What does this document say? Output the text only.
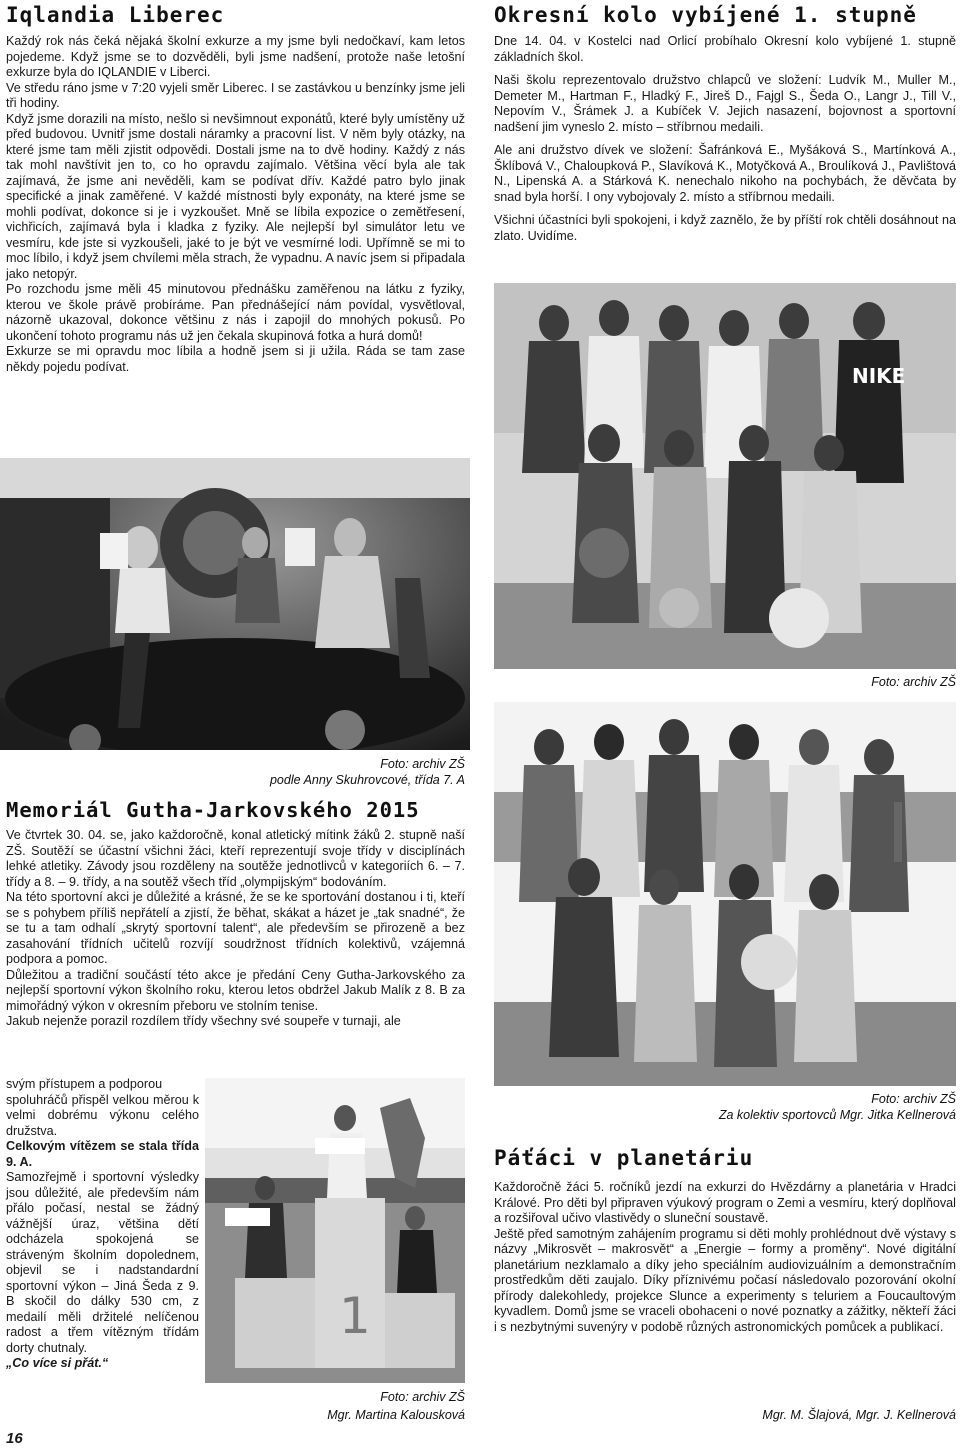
Iqlandia Liberec

Každý rok nás čeká nějaká školní exkurze a my jsme byli nedočkaví, kam letos pojedeme. Když jsme se to dozvěděli, byli jsme nadšení, protože naše letošní exkurze byla do IQLANDIE v Liberci.

Ve středu ráno jsme v 7:20 vyjeli směr Liberec. I se zastávkou u benzínky jsme jeli tři hodiny.

Když jsme dorazili na místo, nešlo si nevšimnout exponátů, které byly umístěny už před budovou. Uvnitř jsme dostali náramky a pracovní list. V něm byly otázky, na které jsme tam měli zjistit odpovědi. Dostali jsme na to dvě hodiny. Každý z nás tak mohl navštívit jen to, co ho opravdu zajímalo. Většina věcí byla ale tak zajímavá, že jsme ani nevěděli, kam se podívat dřív. Každé patro bylo jinak specifické a jinak zaměřené. V každé místnosti byly exponáty, na které jsme se mohli podívat, dokonce si je i vyzkoušet. Mně se líbila expozice o zemětřesení, vichřicích, zajímavá byla i kladka z fyziky. Ale nejlepší byl simulátor letu ve vesmíru, kde jste si vyzkoušeli, jaké to je být ve vesmírné lodi. Upřímně se mi to moc líbilo, i když jsem chvílemi měla strach, že vypadnu. A navíc jsem si připadala jako netopýr.

Po rozchodu jsme měli 45 minutovou přednášku zaměřenou na látku z fyziky, kterou ve škole právě probíráme. Pan přednášející nám povídal, vysvětloval, názorně ukazoval, dokonce většinu z nás i zapojil do mnohých pokusů. Po ukončení tohoto programu nás už jen čekala skupinová fotka a hurá domů!

Exkurze se mi opravdu moc líbila a hodně jsem si ji užila. Ráda se tam zase někdy pojedu podívat.

Foto: archiv ZŠ

podle Anny Skuhrovcové, třída 7. A

Memoriál Gutha-Jarkovského 2015

Ve čtvrtek 30. 04. se, jako každoročně, konal atletický mítink žáků 2. stupně naší ZŠ. Soutěží se účastní všichni žáci, kteří reprezentují svoje třídy v disciplínách lehké atletiky. Závody jsou rozděleny na soutěže jednotlivců v kategoriích 6. – 7. třídy a 8. – 9. třídy, a na soutěž všech tříd „olympijským“ bodováním.

Na této sportovní akci je důležité a krásné, že se ke sportování dostanou i ti, kteří se s pohybem příliš nepřátelí a zjistí, že běhat, skákat a házet je „tak snadné“, že se tu a tam odhalí „skrytý sportovní talent“, ale především se přirozeně a bez zasahování třídních učitelů rozvíjí soudržnost třídních kolektivů, vzájemná podpora a pomoc.

Důležitou a tradiční součástí této akce je předání Ceny Gutha-Jarkovského za nejlepší sportovní výkon školního roku, kterou letos obdržel Jakub Malík z 8. B za mimořádný výkon v okresním přeboru ve stolním tenise.

Jakub nejenže porazil rozdílem třídy všechny své soupeře v turnaji, ale

svým přístupem a podporou

spoluhráčů přispěl velkou měrou k velmi dobrému výkonu celého družstva.

Celkovým vítězem se stala třída 9. A.

Samozřejmě i sportovní výsledky jsou důležité, ale především nám přálo počasí, nestal se žádný vážnější úraz, většina dětí odcházela spokojená se stráveným školním dopolednem, objevil se i nadstandardní sportovní výkon – Jiná Šeda z 9. B skočil do dálky 530 cm, z medailí měli držitelé nelíčenou radost a třem vítězným třídám dorty chutnaly.

„Co více si přát.“

1

Foto: archiv ZŠ

Mgr. Martina Kalousková

16
Okresní kolo vybíjené 1. stupně

Dne 14. 04. v Kostelci nad Orlicí probíhalo Okresní kolo vybíjené 1. stupně základních škol.

Naši školu reprezentovalo družstvo chlapců ve složení: Ludvík M., Muller M., Demeter M., Hartman F., Hladký F., Jireš D., Fajgl S., Šeda O., Langr J., Till V., Nepovím V., Šrámek J. a Kubíček V. Jejich nasazení, bojovnost a sportovní nadšení jim vyneslo 2. místo – stříbrnou medaili.

Ale ani družstvo dívek ve složení: Šafránková E., Myšáková S., Martínková A., Šklíbová V., Chaloupková P., Slavíková K., Motyčková A., Broulíková J., Pavlištová N., Lipenská A. a Stárková K. nenechalo nikoho na pochybách, že děvčata by snad byla horší. I ony vybojovaly 2. místo a stříbrnou medaili.

Všichni účastníci byli spokojeni, i když zaznělo, že by příští rok chtěli dosáhnout na zlato. Uvidíme.

NIKE

Foto: archiv ZŠ

Foto: archiv ZŠ

Za kolektiv sportovců Mgr. Jitka Kellnerová

Páťáci v planetáriu

Každoročně žáci 5. ročníků jezdí na exkurzi do Hvězdárny a planetária v Hradci Králové. Pro děti byl připraven výukový program o Zemi a vesmíru, který doplňoval a rozšiřoval učivo vlastivědy o sluneční soustavě.

Ještě před samotným zahájením programu si děti mohly prohlédnout dvě výstavy s názvy „Mikrosvět – makrosvět“ a „Energie – formy a proměny“. Nové digitální planetárium nezklamalo a díky jeho speciálním audiovizuálním a demonstračním prostředkům děti zaujalo. Díky příznivému počasí následovalo pozorování okolní přírody dalekohledy, projekce Slunce a experimenty s teluriem a Foucaultovým kyvadlem. Domů jsme se vraceli obohaceni o nové poznatky a zážitky, někteří žáci i s nezbytnými suvenýry v podobě různých astronomických pomůcek a publikací.

Mgr. M. Šlajová, Mgr. J. Kellnerová
